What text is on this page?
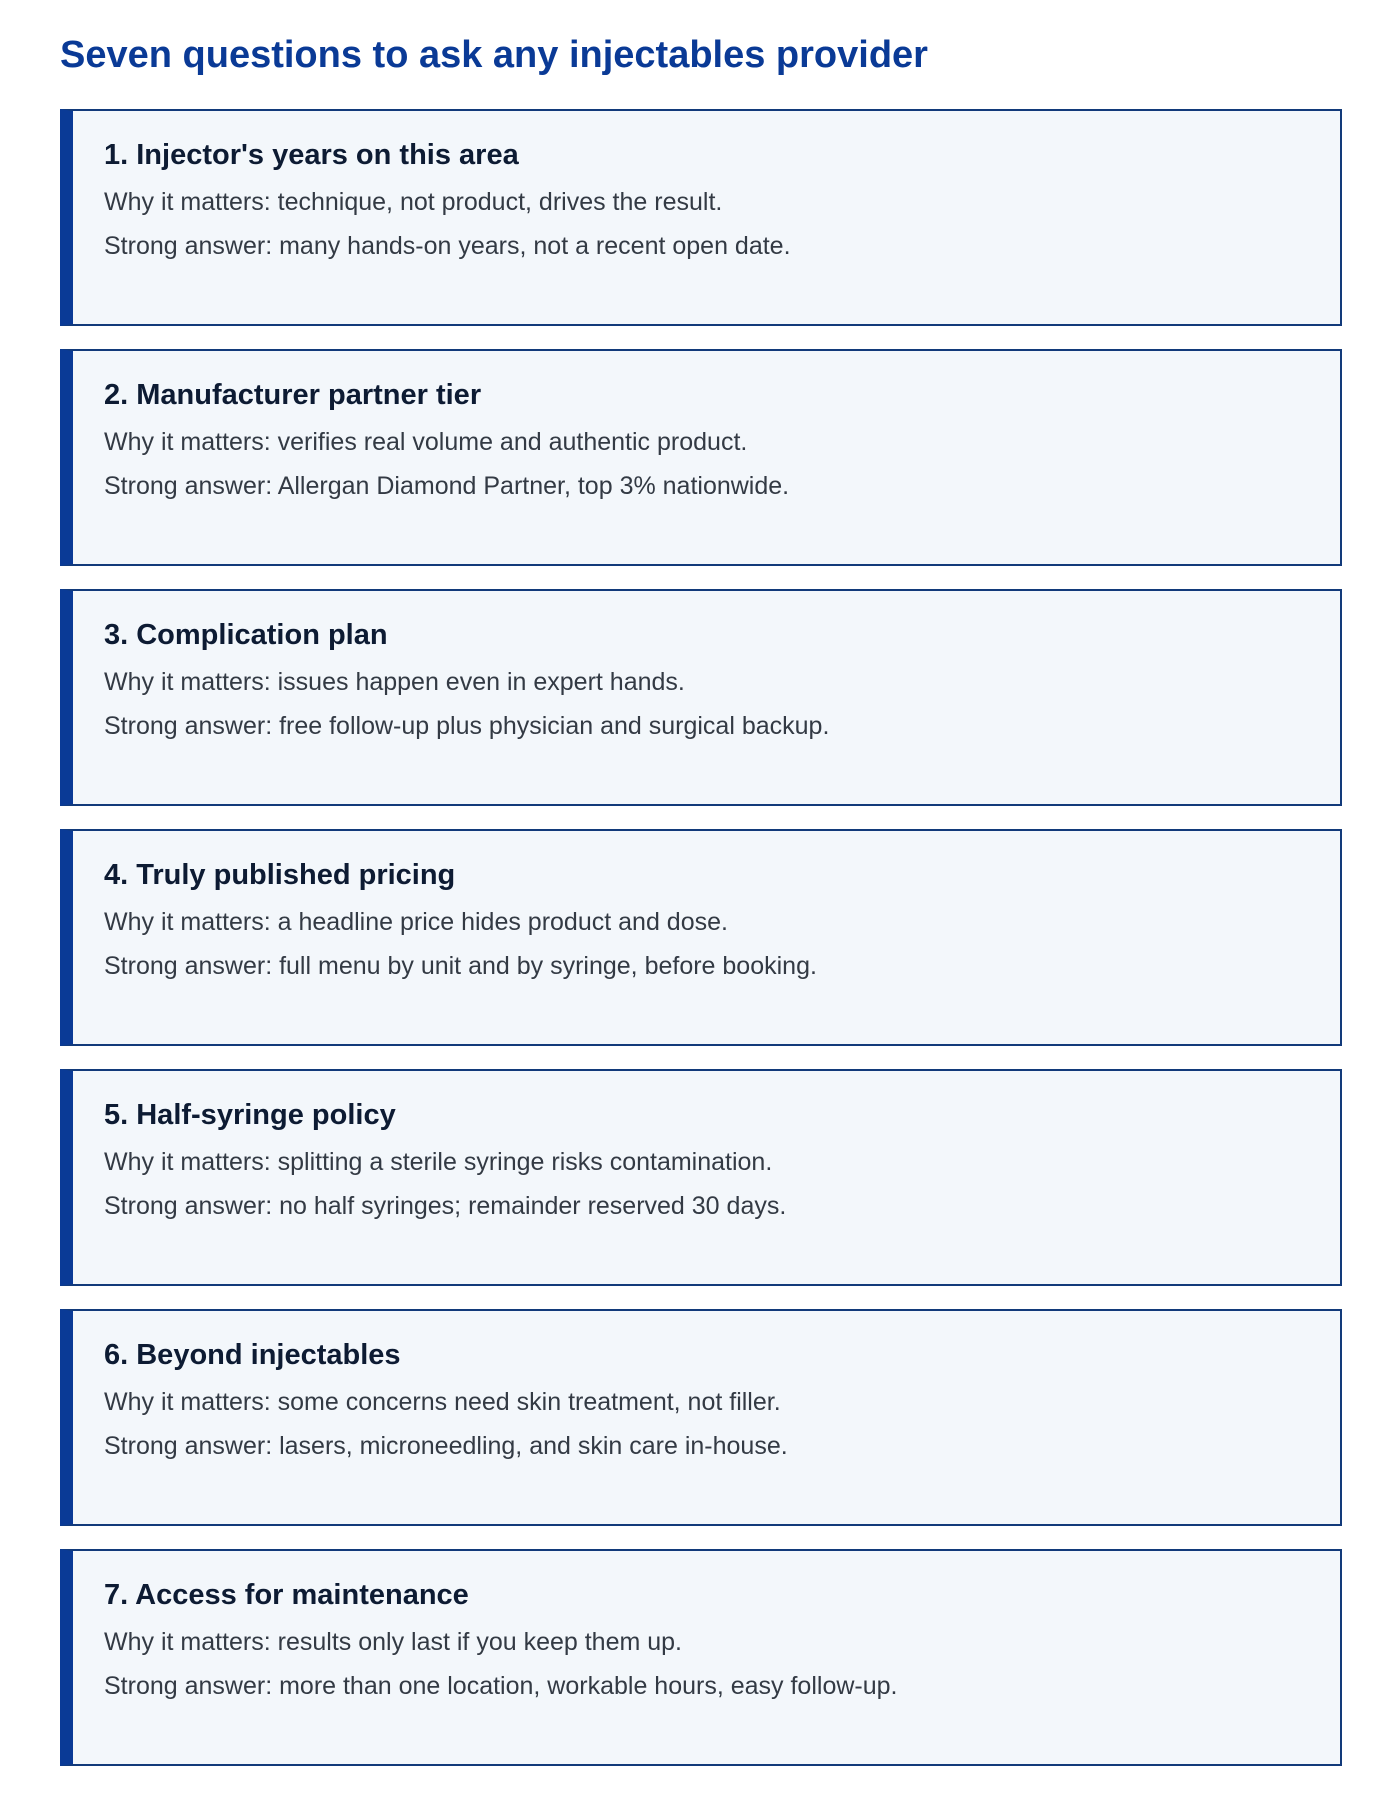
Seven questions to ask any injectables provider
1. Injector's years on this area

Why it matters: technique, not product, drives the result.

Strong answer: many hands-on years, not a recent open date.

2. Manufacturer partner tier

Why it matters: verifies real volume and authentic product.

Strong answer: Allergan Diamond Partner, top 3% nationwide.

3. Complication plan

Why it matters: issues happen even in expert hands.

Strong answer: free follow-up plus physician and surgical backup.

4. Truly published pricing

Why it matters: a headline price hides product and dose.

Strong answer: full menu by unit and by syringe, before booking.

5. Half-syringe policy

Why it matters: splitting a sterile syringe risks contamination.

Strong answer: no half syringes; remainder reserved 30 days.

6. Beyond injectables

Why it matters: some concerns need skin treatment, not filler.

Strong answer: lasers, microneedling, and skin care in-house.

7. Access for maintenance

Why it matters: results only last if you keep them up.

Strong answer: more than one location, workable hours, easy follow-up.
